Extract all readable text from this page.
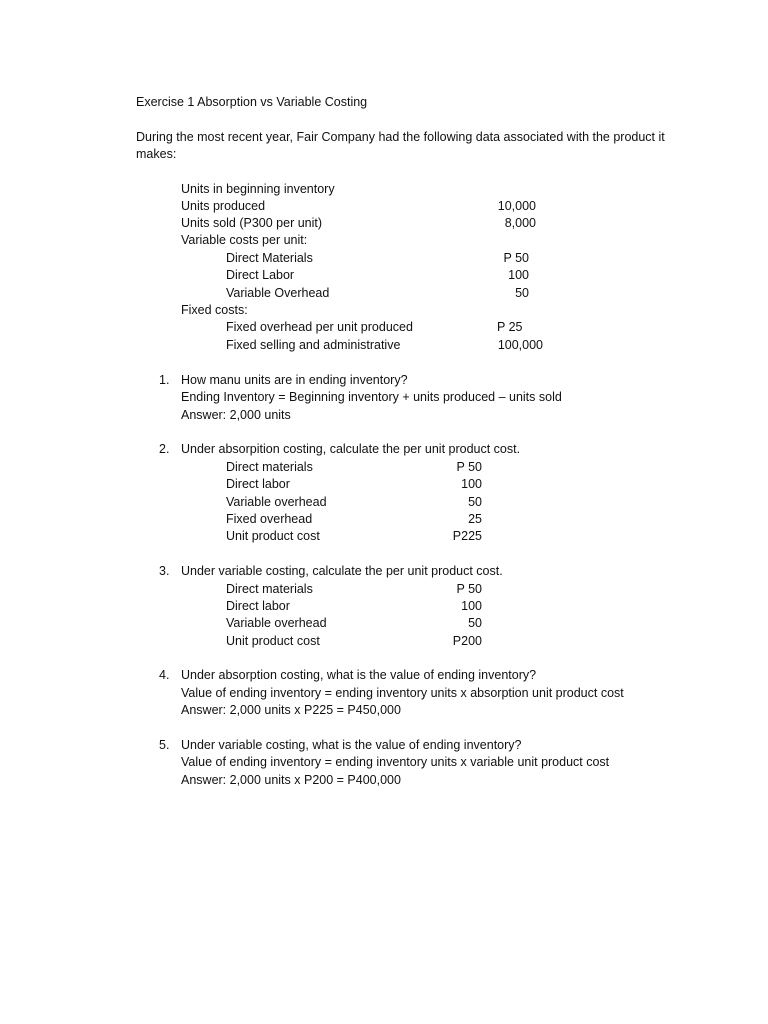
Exercise 1 Absorption vs Variable Costing
During the most recent year, Fair Company had the following data associated with the product it
makes:
Units in beginning inventory
Units produced	10,000
Units sold (P300 per unit)	8,000
Variable costs per unit:
Direct Materials	P 50
Direct Labor	100
Variable Overhead	50
Fixed costs:
Fixed overhead per unit produced	P 25
Fixed selling and administrative	100,000
1. How manu units are in ending inventory?
Ending Inventory = Beginning inventory + units produced – units sold
Answer: 2,000 units
2. Under absorpition costing, calculate the per unit product cost.
Direct materials	P 50
Direct labor	100
Variable overhead	50
Fixed overhead	25
Unit product cost	P225
3. Under variable costing, calculate the per unit product cost.
Direct materials	P 50
Direct labor	100
Variable overhead	50
Unit product cost	P200
4. Under absorption costing, what is the value of ending inventory?
Value of ending inventory = ending inventory units x absorption unit product cost
Answer: 2,000 units x P225 = P450,000
5. Under variable costing, what is the value of ending inventory?
Value of ending inventory = ending inventory units x variable unit product cost
Answer: 2,000 units x P200 = P400,000
